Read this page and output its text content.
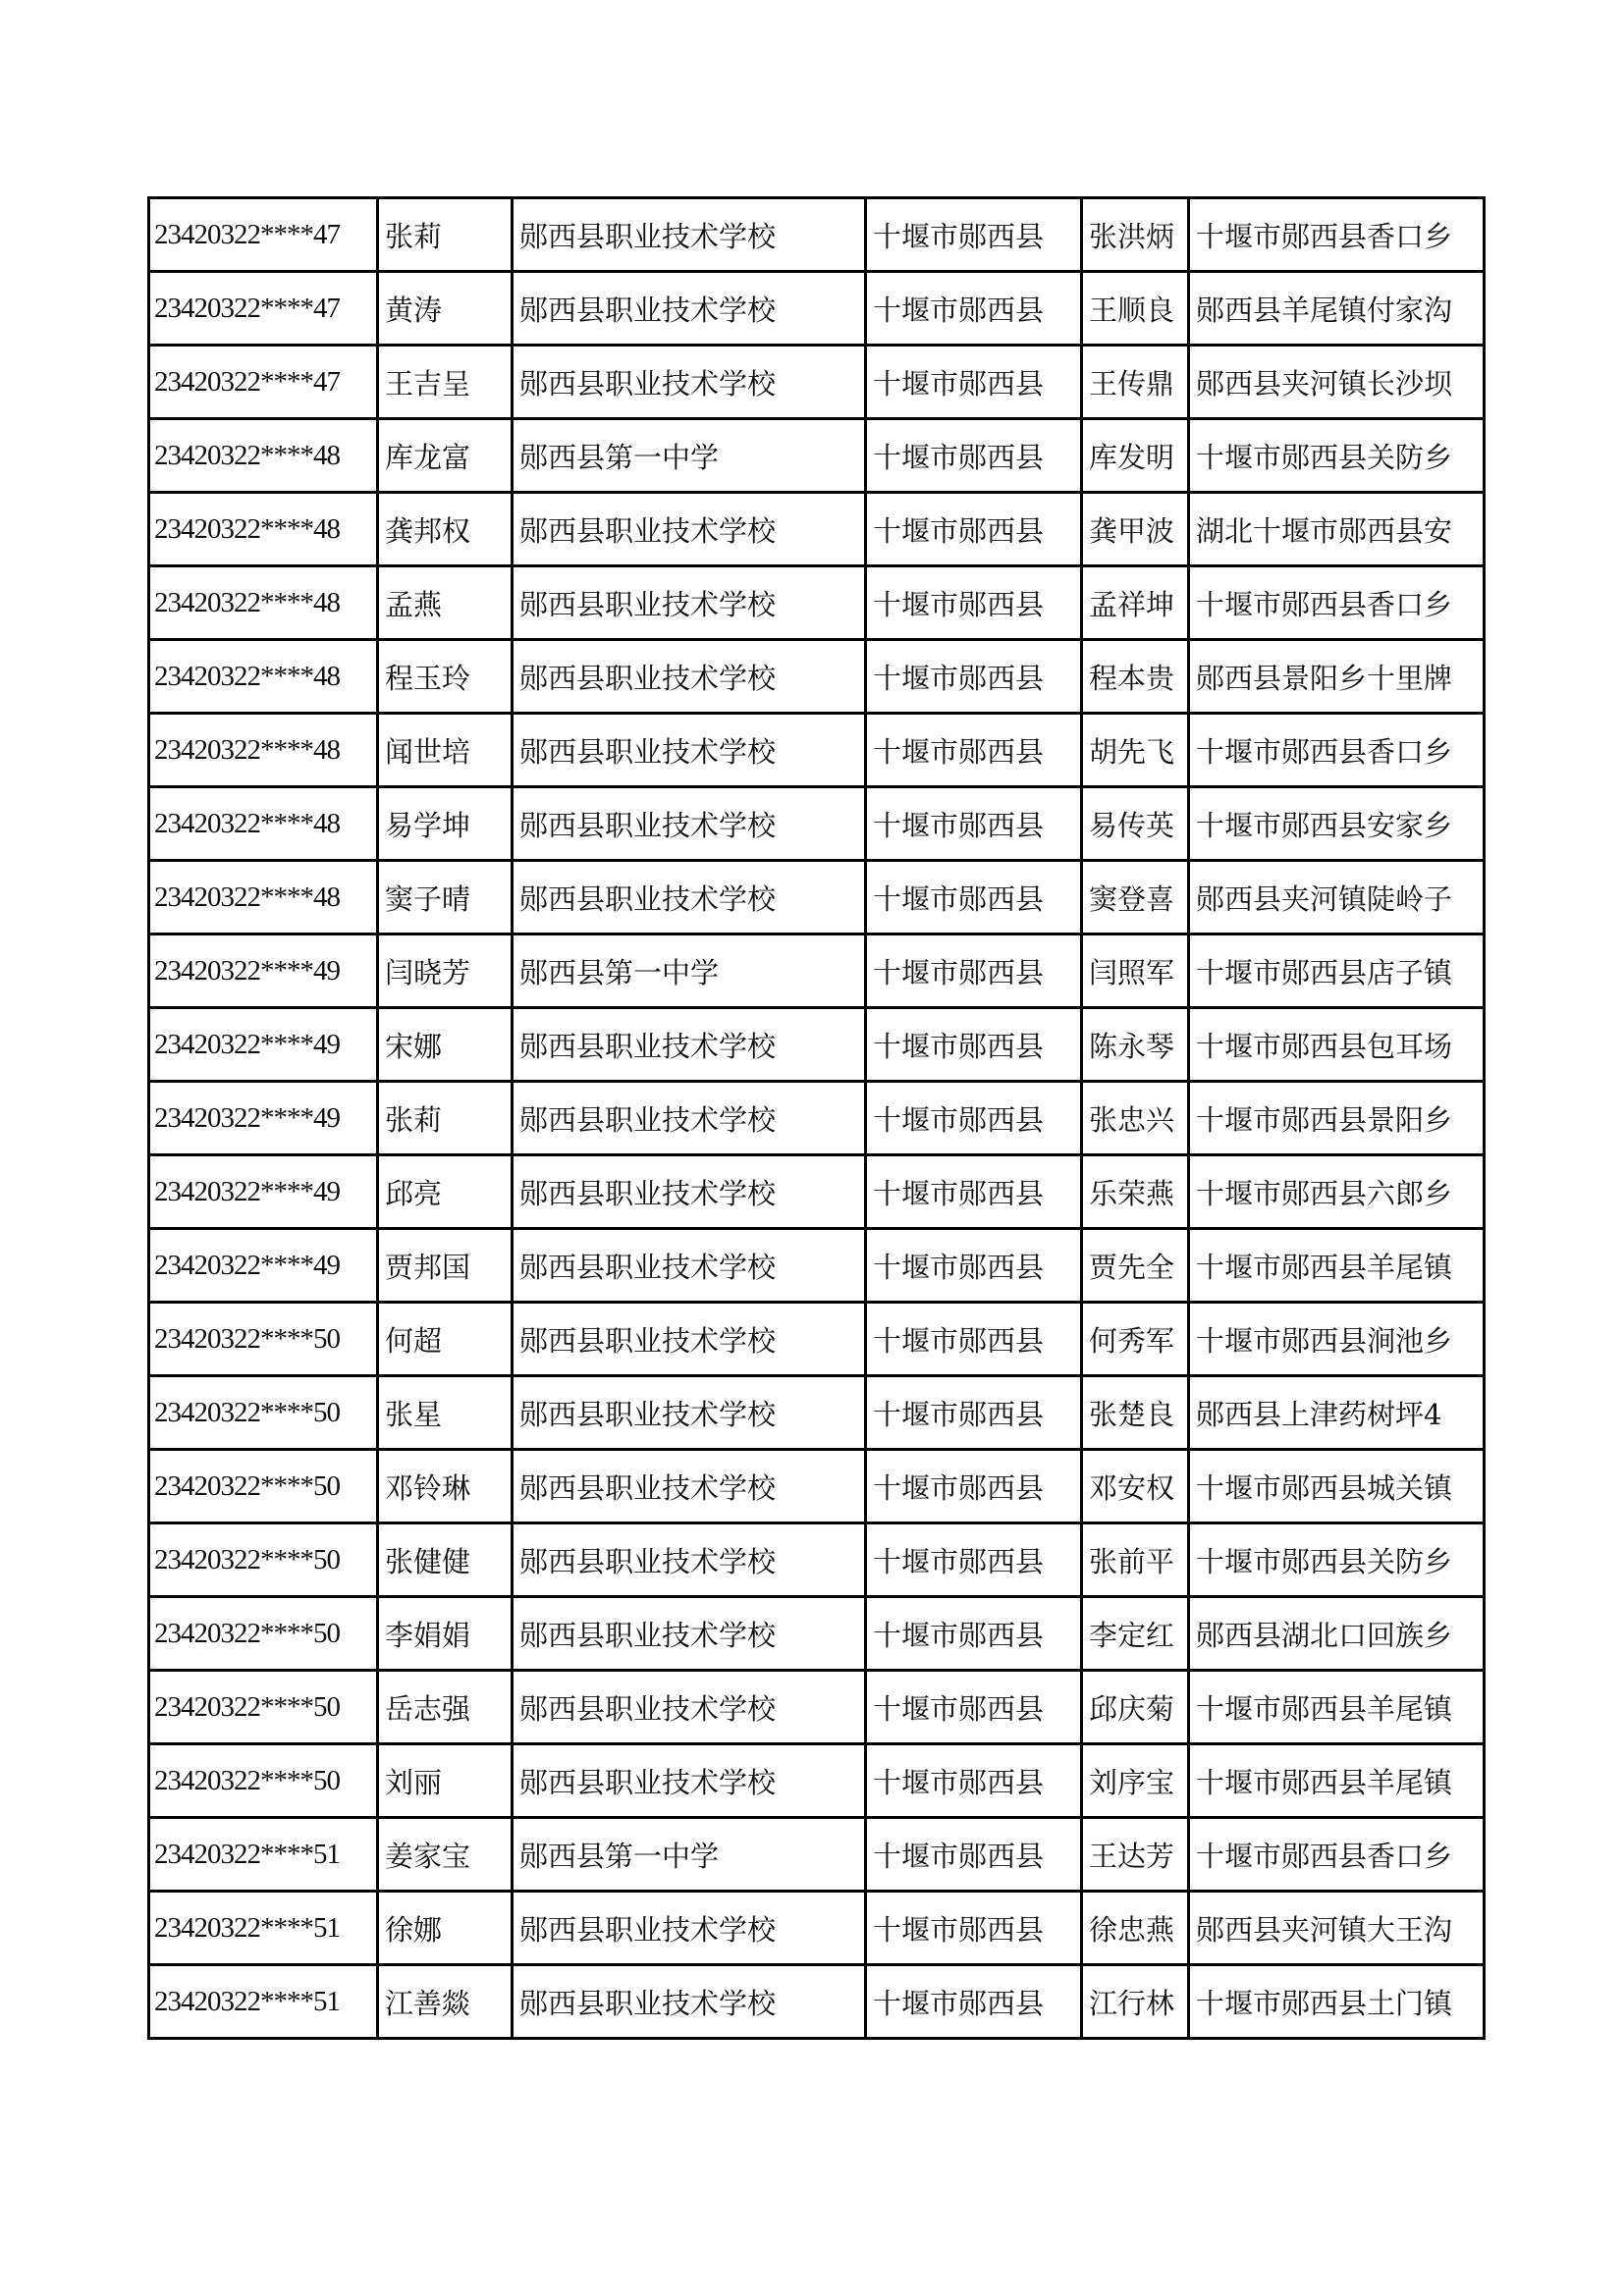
23420322****47	张莉	郧西县职业技术学校	十堰市郧西县	张洪炳	十堰市郧西县香口乡
23420322****47	黄涛	郧西县职业技术学校	十堰市郧西县	王顺良	郧西县羊尾镇付家沟
23420322****47	王吉呈	郧西县职业技术学校	十堰市郧西县	王传鼎	郧西县夹河镇长沙坝
23420322****48	库龙富	郧西县第一中学	十堰市郧西县	库发明	十堰市郧西县关防乡
23420322****48	龚邦权	郧西县职业技术学校	十堰市郧西县	龚甲波	湖北十堰市郧西县安
23420322****48	孟燕	郧西县职业技术学校	十堰市郧西县	孟祥坤	十堰市郧西县香口乡
23420322****48	程玉玲	郧西县职业技术学校	十堰市郧西县	程本贵	郧西县景阳乡十里牌
23420322****48	闻世培	郧西县职业技术学校	十堰市郧西县	胡先飞	十堰市郧西县香口乡
23420322****48	易学坤	郧西县职业技术学校	十堰市郧西县	易传英	十堰市郧西县安家乡
23420322****48	窦子晴	郧西县职业技术学校	十堰市郧西县	窦登喜	郧西县夹河镇陡岭子
23420322****49	闫晓芳	郧西县第一中学	十堰市郧西县	闫照军	十堰市郧西县店子镇
23420322****49	宋娜	郧西县职业技术学校	十堰市郧西县	陈永琴	十堰市郧西县包耳场
23420322****49	张莉	郧西县职业技术学校	十堰市郧西县	张忠兴	十堰市郧西县景阳乡
23420322****49	邱亮	郧西县职业技术学校	十堰市郧西县	乐荣燕	十堰市郧西县六郎乡
23420322****49	贾邦国	郧西县职业技术学校	十堰市郧西县	贾先全	十堰市郧西县羊尾镇
23420322****50	何超	郧西县职业技术学校	十堰市郧西县	何秀军	十堰市郧西县涧池乡
23420322****50	张星	郧西县职业技术学校	十堰市郧西县	张楚良	郧西县上津药树坪4
23420322****50	邓铃琳	郧西县职业技术学校	十堰市郧西县	邓安权	十堰市郧西县城关镇
23420322****50	张健健	郧西县职业技术学校	十堰市郧西县	张前平	十堰市郧西县关防乡
23420322****50	李娟娟	郧西县职业技术学校	十堰市郧西县	李定红	郧西县湖北口回族乡
23420322****50	岳志强	郧西县职业技术学校	十堰市郧西县	邱庆菊	十堰市郧西县羊尾镇
23420322****50	刘丽	郧西县职业技术学校	十堰市郧西县	刘序宝	十堰市郧西县羊尾镇
23420322****51	姜家宝	郧西县第一中学	十堰市郧西县	王达芳	十堰市郧西县香口乡
23420322****51	徐娜	郧西县职业技术学校	十堰市郧西县	徐忠燕	郧西县夹河镇大王沟
23420322****51	江善燚	郧西县职业技术学校	十堰市郧西县	江行林	十堰市郧西县土门镇
